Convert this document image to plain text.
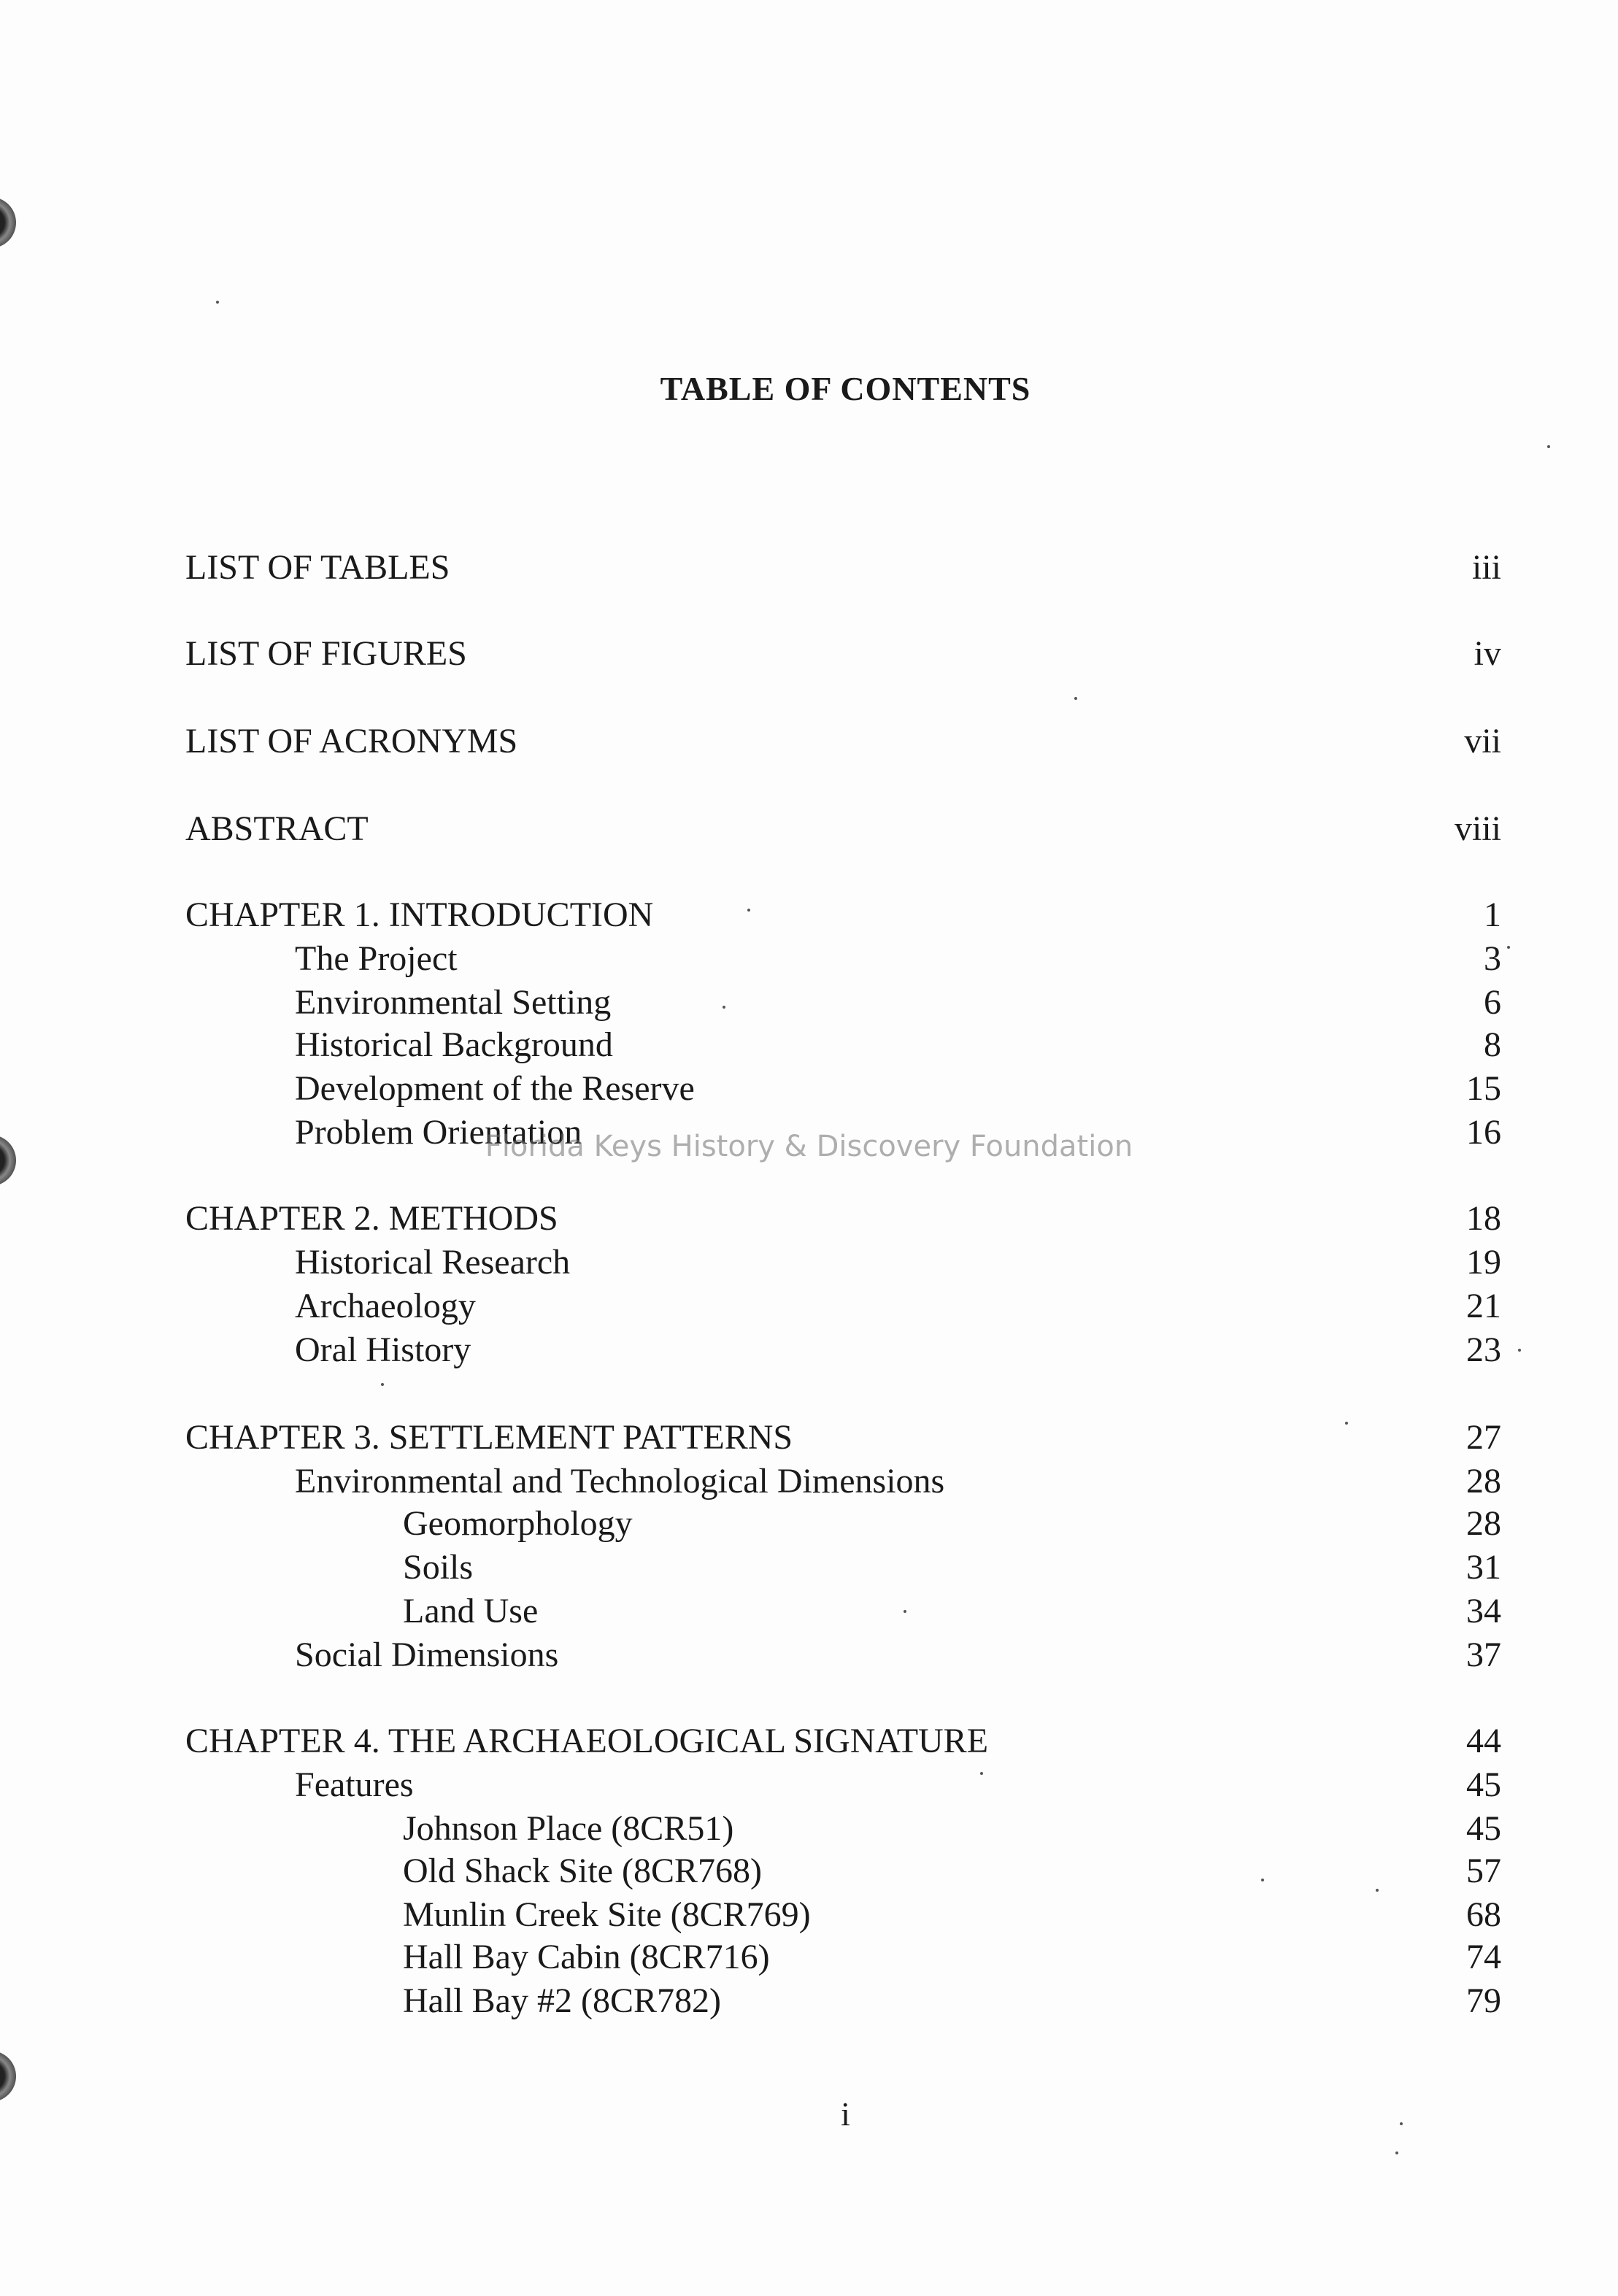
TABLE OF CONTENTS
LIST OF TABLES	iii
LIST OF FIGURES	iv
LIST OF ACRONYMS	vii
ABSTRACT	viii
CHAPTER 1. INTRODUCTION	1
The Project	3
Environmental Setting	6
Historical Background	8
Development of the Reserve	15
Problem Orientation	16
CHAPTER 2. METHODS	18
Historical Research	19
Archaeology	21
Oral History	23
CHAPTER 3. SETTLEMENT PATTERNS	27
Environmental and Technological Dimensions	28
Geomorphology	28
Soils	31
Land Use	34
Social Dimensions	37
CHAPTER 4. THE ARCHAEOLOGICAL SIGNATURE	44
Features	45
Johnson Place (8CR51)	45
Old Shack Site (8CR768)	57
Munlin Creek Site (8CR769)	68
Hall Bay Cabin (8CR716)	74
Hall Bay #2 (8CR782)	79
Florida Keys History & Discovery Foundation
i
